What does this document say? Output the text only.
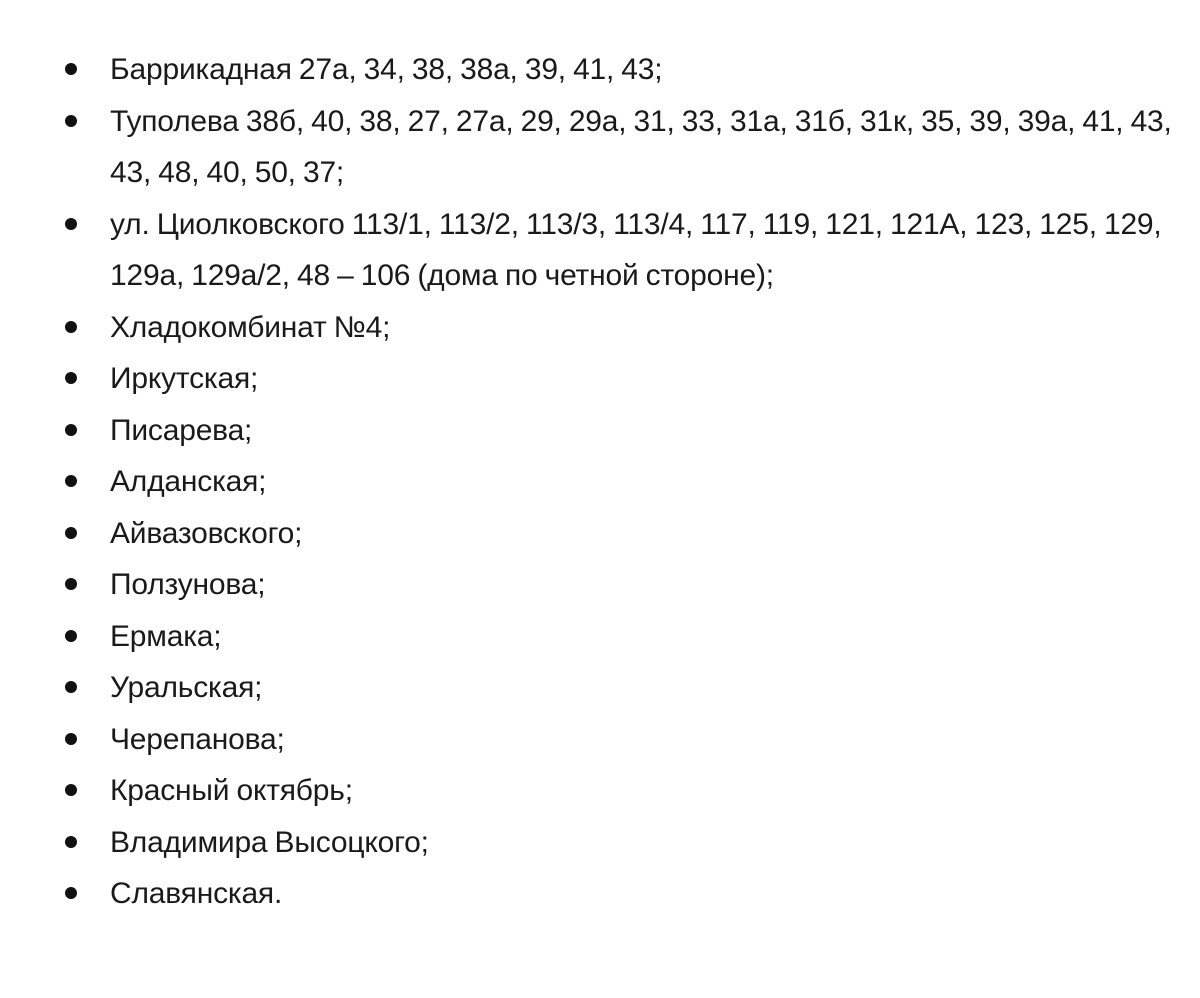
Баррикадная 27а, 34, 38, 38а, 39, 41, 43;
Туполева 38б, 40, 38, 27, 27а, 29, 29а, 31, 33, 31а, 31б, 31к, 35, 39, 39а, 41, 43, 43, 48, 40, 50, 37;
ул. Циолковского 113/1, 113/2, 113/3, 113/4, 117, 119, 121, 121А, 123, 125, 129, 129а, 129а/2, 48 – 106 (дома по четной стороне);
Хладокомбинат №4;
Иркутская;
Писарева;
Алданская;
Айвазовского;
Ползунова;
Ермака;
Уральская;
Черепанова;
Красный октябрь;
Владимира Высоцкого;
Славянская.
